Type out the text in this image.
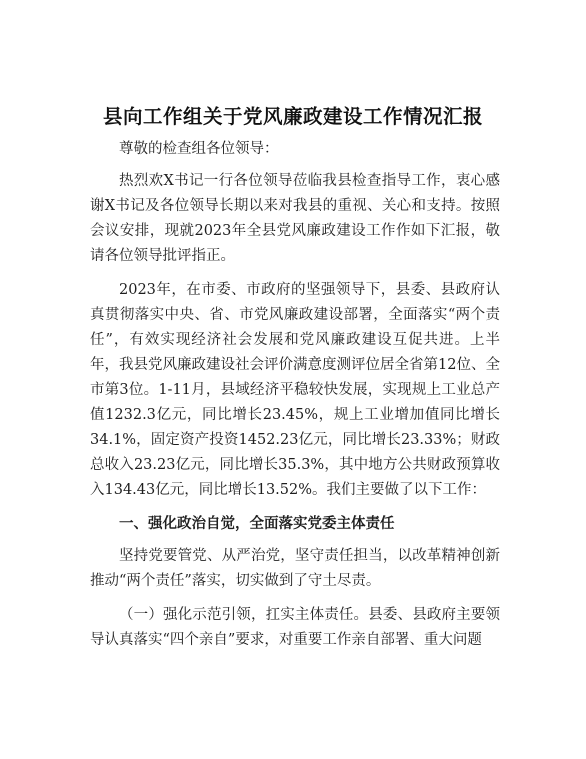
县向工作组关于党风廉政建设工作情况汇报

尊敬的检查组各位领导：

热烈欢X书记一行各位领导莅临我县检查指导工作，衷心感谢X书记及各位领导长期以来对我县的重视、关心和支持。按照会议安排，现就2023年全县党风廉政建设工作作如下汇报，敬请各位领导批评指正。

2023年，在市委、市政府的坚强领导下，县委、县政府认真贯彻落实中央、省、市党风廉政建设部署，全面落实“两个责任”，有效实现经济社会发展和党风廉政建设互促共进。上半年，我县党风廉政建设社会评价满意度测评位居全省第12位、全市第3位。1-11月，县域经济平稳较快发展，实现规上工业总产值1232.3亿元，同比增长23.45%，规上工业增加值同比增长34.1%，固定资产投资1452.23亿元，同比增长23.33%；财政总收入23.23亿元，同比增长35.3%，其中地方公共财政预算收入134.43亿元，同比增长13.52%。我们主要做了以下工作：

一、强化政治自觉，全面落实党委主体责任

坚持党要管党、从严治党，坚守责任担当，以改革精神创新推动“两个责任”落实，切实做到了守土尽责。

（一）强化示范引领，扛实主体责任。县委、县政府主要领导认真落实“四个亲自”要求，对重要工作亲自部署、重大问题
